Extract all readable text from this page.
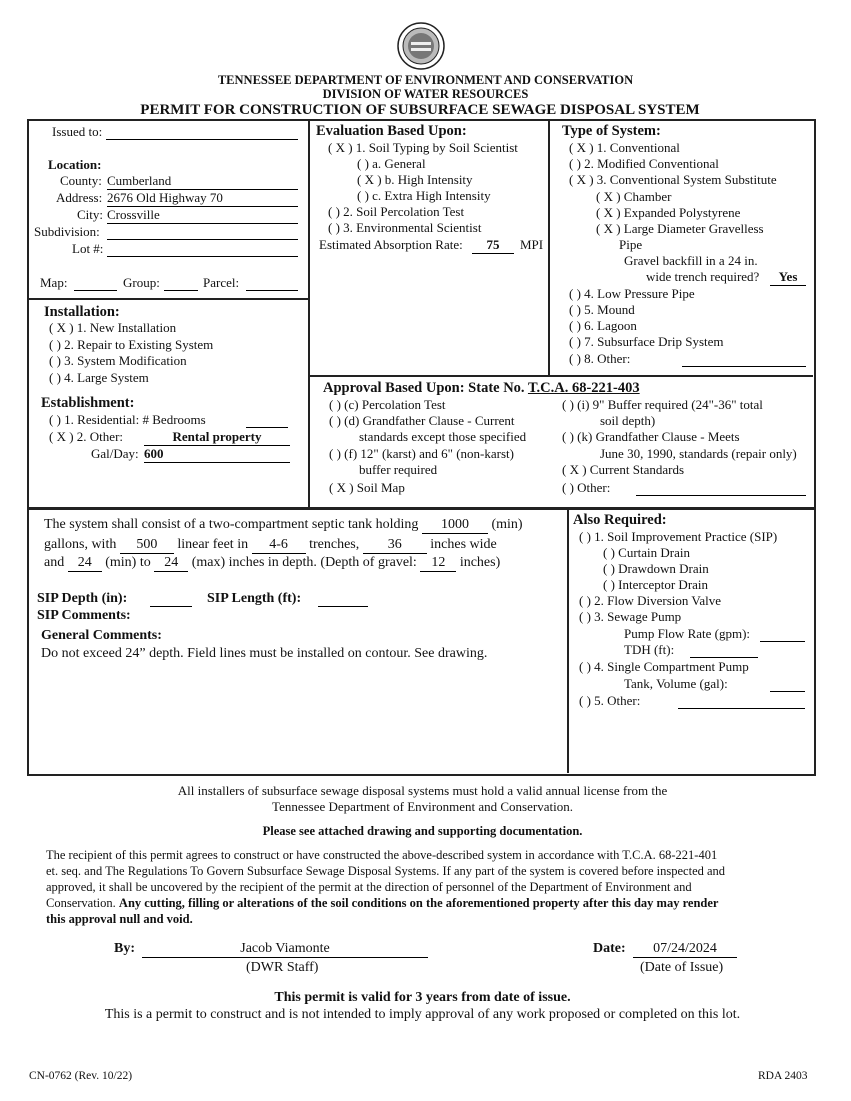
TENNESSEE DEPARTMENT OF ENVIRONMENT AND CONSERVATION
DIVISION OF WATER RESOURCES
PERMIT FOR CONSTRUCTION OF SUBSURFACE SEWAGE DISPOSAL SYSTEM
Issued to:
Location:
County: Cumberland
Address: 2676 Old Highway 70
City: Crossville
Subdivision:
Lot #:
Map:	Group:	Parcel:
Evaluation Based Upon:
( X ) 1. Soil Typing by Soil Scientist
( ) a. General
( X ) b. High Intensity
( ) c. Extra High Intensity
( ) 2. Soil Percolation Test
( ) 3. Environmental Scientist
Estimated Absorption Rate:	75	MPI
Type of System:
( X ) 1. Conventional
( ) 2. Modified Conventional
( X ) 3. Conventional System Substitute
( X ) Chamber
( X ) Expanded Polystyrene
( X ) Large Diameter Gravelless
Pipe
Gravel backfill in a 24 in.
wide trench required?	Yes
( ) 4. Low Pressure Pipe
( ) 5. Mound
( ) 6. Lagoon
( ) 7. Subsurface Drip System
( ) 8. Other:
Installation:
( X ) 1. New Installation
( ) 2. Repair to Existing System
( ) 3. System Modification
( ) 4. Large System
Establishment:
( ) 1. Residential: # Bedrooms
( X ) 2. Other:	Rental property
Gal/Day: 600
Approval Based Upon: State No. T.C.A. 68-221-403
( ) (c) Percolation Test
( ) (d) Grandfather Clause - Current
standards except those specified
( ) (f) 12" (karst) and 6" (non-karst)
buffer required
( X ) Soil Map
( ) (i) 9" Buffer required (24"-36" total
soil depth)
( ) (k) Grandfather Clause - Meets
June 30, 1990, standards (repair only)
( X ) Current Standards
( ) Other:
The system shall consist of a two-compartment septic tank holding 1000 (min)
gallons, with 500 linear feet in 4-6 trenches, 36 inches wide
and 24 (min) to 24 (max) inches in depth. (Depth of gravel: 12 inches)
SIP Depth (in):	SIP Length (ft):
SIP Comments:
General Comments:
Do not exceed 24” depth. Field lines must be installed on contour. See drawing.
Also Required:
( ) 1. Soil Improvement Practice (SIP)
( ) Curtain Drain
( ) Drawdown Drain
( ) Interceptor Drain
( ) 2. Flow Diversion Valve
( ) 3. Sewage Pump
Pump Flow Rate (gpm):
TDH (ft):
( ) 4. Single Compartment Pump
Tank, Volume (gal):
( ) 5. Other:
All installers of subsurface sewage disposal systems must hold a valid annual license from the
Tennessee Department of Environment and Conservation.
Please see attached drawing and supporting documentation.
The recipient of this permit agrees to construct or have constructed the above-described system in accordance with T.C.A. 68-221-401
et. seq. and The Regulations To Govern Subsurface Sewage Disposal Systems. If any part of the system is covered before inspected and
approved, it shall be uncovered by the recipient of the permit at the direction of personnel of the Department of Environment and
Conservation. Any cutting, filling or alterations of the soil conditions on the aforementioned property after this day may render
this approval null and void.
By:	Jacob Viamonte
(DWR Staff)
Date:	07/24/2024
(Date of Issue)
This permit is valid for 3 years from date of issue.
This is a permit to construct and is not intended to imply approval of any work proposed or completed on this lot.
CN-0762 (Rev. 10/22)	RDA 2403
